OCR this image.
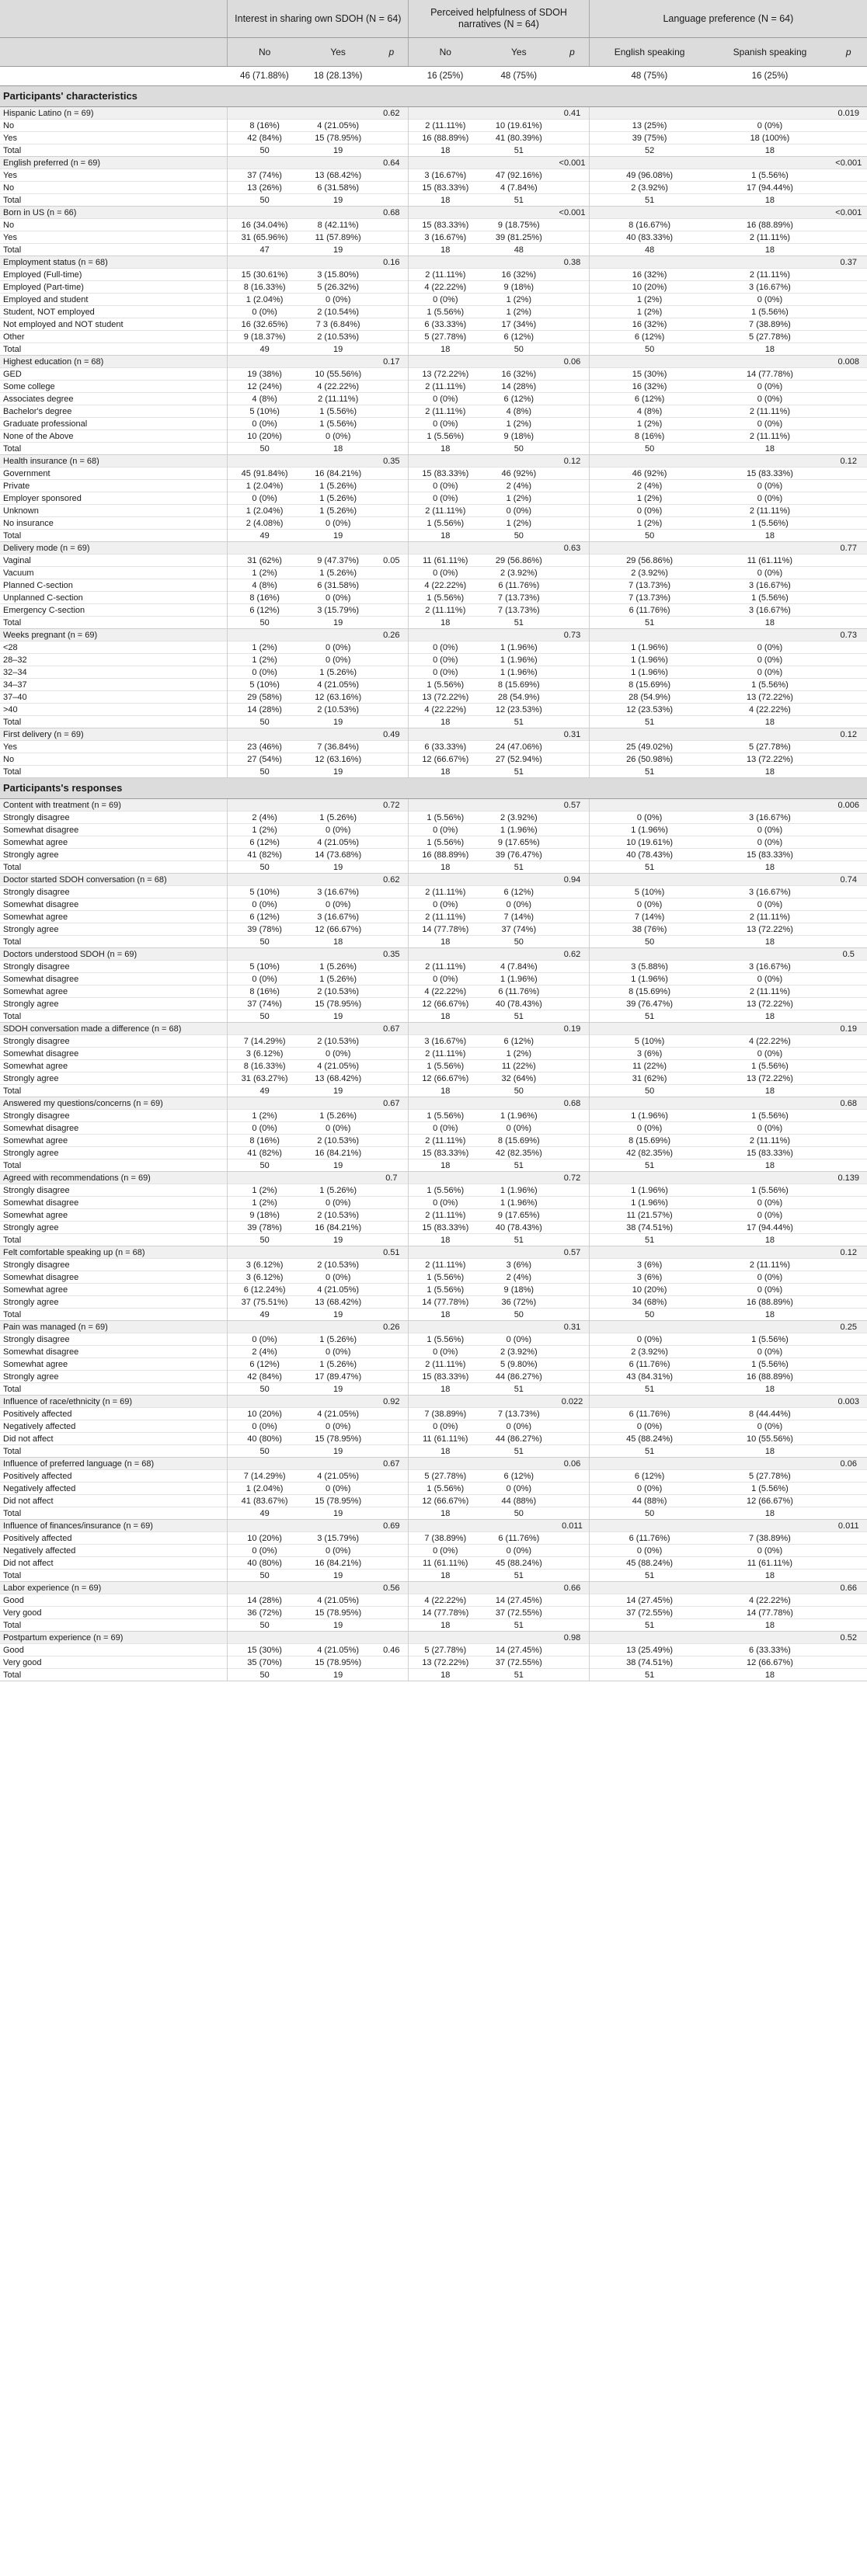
	Interest in sharing own SDOH (N = 64)			Perceived helpfulness of SDOH narratives (N = 64)			Language preference (N = 64)		
	No	Yes	p	No	Yes	p	English speaking	Spanish speaking	p
	46 (71.88%)	18 (28.13%)		16 (25%)	48 (75%)		48 (75%)	16 (25%)	
Participants' characteristics									
Hispanic Latino (n = 69)			0.62			0.41			0.019
No	8 (16%)	4 (21.05%)		2 (11.11%)	10 (19.61%)		13 (25%)	0 (0%)	
Yes	42 (84%)	15 (78.95%)		16 (88.89%)	41 (80.39%)		39 (75%)	18 (100%)	
Total	50	19		18	51		52	18	
English preferred (n = 69)			0.64			<0.001			<0.001
Yes	37 (74%)	13 (68.42%)		3 (16.67%)	47 (92.16%)		49 (96.08%)	1 (5.56%)	
No	13 (26%)	6 (31.58%)		15 (83.33%)	4 (7.84%)		2 (3.92%)	17 (94.44%)	
Total	50	19		18	51		51	18	
Born in US (n = 66)			0.68			<0.001			<0.001
No	16 (34.04%)	8 (42.11%)		15 (83.33%)	9 (18.75%)		8 (16.67%)	16 (88.89%)	
Yes	31 (65.96%)	11 (57.89%)		3 (16.67%)	39 (81.25%)		40 (83.33%)	2 (11.11%)	
Total	47	19		18	48		48	18	
Employment status (n = 68)			0.16			0.38			0.37
Employed (Full-time)	15 (30.61%)	3 (15.80%)		2 (11.11%)	16 (32%)		16 (32%)	2 (11.11%)	
Employed (Part-time)	8 (16.33%)	5 (26.32%)		4 (22.22%)	9 (18%)		10 (20%)	3 (16.67%)	
Employed and student	1 (2.04%)	0 (0%)		0 (0%)	1 (2%)		1 (2%)	0 (0%)	
Student, NOT employed	0 (0%)	2 (10.54%)		1 (5.56%)	1 (2%)		1 (2%)	1 (5.56%)	
Not employed and NOT student	16 (32.65%)	7 3 (6.84%)		6 (33.33%)	17 (34%)		16 (32%)	7 (38.89%)	
Other	9 (18.37%)	2 (10.53%)		5 (27.78%)	6 (12%)		6 (12%)	5 (27.78%)	
Total	49	19		18	50		50	18	
Highest education (n = 68)			0.17			0.06			0.008
GED	19 (38%)	10 (55.56%)		13 (72.22%)	16 (32%)		15 (30%)	14 (77.78%)	
Some college	12 (24%)	4 (22.22%)		2 (11.11%)	14 (28%)		16 (32%)	0 (0%)	
Associates degree	4 (8%)	2 (11.11%)		0 (0%)	6 (12%)		6 (12%)	0 (0%)	
Bachelor's degree	5 (10%)	1 (5.56%)		2 (11.11%)	4 (8%)		4 (8%)	2 (11.11%)	
Graduate professional	0 (0%)	1 (5.56%)		0 (0%)	1 (2%)		1 (2%)	0 (0%)	
None of the Above	10 (20%)	0 (0%)		1 (5.56%)	9 (18%)		8 (16%)	2 (11.11%)	
Total	50	18		18	50		50	18	
Health insurance (n = 68)			0.35			0.12			0.12
Government	45 (91.84%)	16 (84.21%)		15 (83.33%)	46 (92%)		46 (92%)	15 (83.33%)	
Private	1 (2.04%)	1 (5.26%)		0 (0%)	2 (4%)		2 (4%)	0 (0%)	
Employer sponsored	0 (0%)	1 (5.26%)		0 (0%)	1 (2%)		1 (2%)	0 (0%)	
Unknown	1 (2.04%)	1 (5.26%)		2 (11.11%)	0 (0%)		0 (0%)	2 (11.11%)	
No insurance	2 (4.08%)	0 (0%)		1 (5.56%)	1 (2%)		1 (2%)	1 (5.56%)	
Total	49	19		18	50		50	18	
Delivery mode (n = 69)						0.63			0.77
Vaginal	31 (62%)	9 (47.37%)	0.05	11 (61.11%)	29 (56.86%)		29 (56.86%)	11 (61.11%)	
Vacuum	1 (2%)	1 (5.26%)		0 (0%)	2 (3.92%)		2 (3.92%)	0 (0%)	
Planned C-section	4 (8%)	6 (31.58%)		4 (22.22%)	6 (11.76%)		7 (13.73%)	3 (16.67%)	
Unplanned C-section	8 (16%)	0 (0%)		1 (5.56%)	7 (13.73%)		7 (13.73%)	1 (5.56%)	
Emergency C-section	6 (12%)	3 (15.79%)		2 (11.11%)	7 (13.73%)		6 (11.76%)	3 (16.67%)	
Total	50	19		18	51		51	18	
Weeks pregnant (n = 69)			0.26			0.73			0.73
<28	1 (2%)	0 (0%)		0 (0%)	1 (1.96%)		1 (1.96%)	0 (0%)	
28–32	1 (2%)	0 (0%)		0 (0%)	1 (1.96%)		1 (1.96%)	0 (0%)	
32–34	0 (0%)	1 (5.26%)		0 (0%)	1 (1.96%)		1 (1.96%)	0 (0%)	
34–37	5 (10%)	4 (21.05%)		1 (5.56%)	8 (15.69%)		8 (15.69%)	1 (5.56%)	
37–40	29 (58%)	12 (63.16%)		13 (72.22%)	28 (54.9%)		28 (54.9%)	13 (72.22%)	
>40	14 (28%)	2 (10.53%)		4 (22.22%)	12 (23.53%)		12 (23.53%)	4 (22.22%)	
Total	50	19		18	51		51	18	
First delivery (n = 69)			0.49			0.31			0.12
Yes	23 (46%)	7 (36.84%)		6 (33.33%)	24 (47.06%)		25 (49.02%)	5 (27.78%)	
No	27 (54%)	12 (63.16%)		12 (66.67%)	27 (52.94%)		26 (50.98%)	13 (72.22%)	
Total	50	19		18	51		51	18	
Participants's responses									
Content with treatment (n = 69)			0.72			0.57			0.006
Strongly disagree	2 (4%)	1 (5.26%)		1 (5.56%)	2 (3.92%)		0 (0%)	3 (16.67%)	
Somewhat disagree	1 (2%)	0 (0%)		0 (0%)	1 (1.96%)		1 (1.96%)	0 (0%)	
Somewhat agree	6 (12%)	4 (21.05%)		1 (5.56%)	9 (17.65%)		10 (19.61%)	0 (0%)	
Strongly agree	41 (82%)	14 (73.68%)		16 (88.89%)	39 (76.47%)		40 (78.43%)	15 (83.33%)	
Total	50	19		18	51		51	18	
Doctor started SDOH conversation (n = 68)			0.62			0.94			0.74
Strongly disagree	5 (10%)	3 (16.67%)		2 (11.11%)	6 (12%)		5 (10%)	3 (16.67%)	
Somewhat disagree	0 (0%)	0 (0%)		0 (0%)	0 (0%)		0 (0%)	0 (0%)	
Somewhat agree	6 (12%)	3 (16.67%)		2 (11.11%)	7 (14%)		7 (14%)	2 (11.11%)	
Strongly agree	39 (78%)	12 (66.67%)		14 (77.78%)	37 (74%)		38 (76%)	13 (72.22%)	
Total	50	18		18	50		50	18	
Doctors understood SDOH (n = 69)			0.35			0.62			0.5
Strongly disagree	5 (10%)	1 (5.26%)		2 (11.11%)	4 (7.84%)		3 (5.88%)	3 (16.67%)	
Somewhat disagree	0 (0%)	1 (5.26%)		0 (0%)	1 (1.96%)		1 (1.96%)	0 (0%)	
Somewhat agree	8 (16%)	2 (10.53%)		4 (22.22%)	6 (11.76%)		8 (15.69%)	2 (11.11%)	
Strongly agree	37 (74%)	15 (78.95%)		12 (66.67%)	40 (78.43%)		39 (76.47%)	13 (72.22%)	
Total	50	19		18	51		51	18	
SDOH conversation made a difference (n = 68)			0.67			0.19			0.19
Strongly disagree	7 (14.29%)	2 (10.53%)		3 (16.67%)	6 (12%)		5 (10%)	4 (22.22%)	
Somewhat disagree	3 (6.12%)	0 (0%)		2 (11.11%)	1 (2%)		3 (6%)	0 (0%)	
Somewhat agree	8 (16.33%)	4 (21.05%)		1 (5.56%)	11 (22%)		11 (22%)	1 (5.56%)	
Strongly agree	31 (63.27%)	13 (68.42%)		12 (66.67%)	32 (64%)		31 (62%)	13 (72.22%)	
Total	49	19		18	50		50	18	
Answered my questions/concerns (n = 69)			0.67			0.68			0.68
Strongly disagree	1 (2%)	1 (5.26%)		1 (5.56%)	1 (1.96%)		1 (1.96%)	1 (5.56%)	
Somewhat disagree	0 (0%)	0 (0%)		0 (0%)	0 (0%)		0 (0%)	0 (0%)	
Somewhat agree	8 (16%)	2 (10.53%)		2 (11.11%)	8 (15.69%)		8 (15.69%)	2 (11.11%)	
Strongly agree	41 (82%)	16 (84.21%)		15 (83.33%)	42 (82.35%)		42 (82.35%)	15 (83.33%)	
Total	50	19		18	51		51	18	
Agreed with recommendations (n = 69)			0.7			0.72			0.139
Strongly disagree	1 (2%)	1 (5.26%)		1 (5.56%)	1 (1.96%)		1 (1.96%)	1 (5.56%)	
Somewhat disagree	1 (2%)	0 (0%)		0 (0%)	1 (1.96%)		1 (1.96%)	0 (0%)	
Somewhat agree	9 (18%)	2 (10.53%)		2 (11.11%)	9 (17.65%)		11 (21.57%)	0 (0%)	
Strongly agree	39 (78%)	16 (84.21%)		15 (83.33%)	40 (78.43%)		38 (74.51%)	17 (94.44%)	
Total	50	19		18	51		51	18	
Felt comfortable speaking up (n = 68)			0.51			0.57			0.12
Strongly disagree	3 (6.12%)	2 (10.53%)		2 (11.11%)	3 (6%)		3 (6%)	2 (11.11%)	
Somewhat disagree	3 (6.12%)	0 (0%)		1 (5.56%)	2 (4%)		3 (6%)	0 (0%)	
Somewhat agree	6 (12.24%)	4 (21.05%)		1 (5.56%)	9 (18%)		10 (20%)	0 (0%)	
Strongly agree	37 (75.51%)	13 (68.42%)		14 (77.78%)	36 (72%)		34 (68%)	16 (88.89%)	
Total	49	19		18	50		50	18	
Pain was managed (n = 69)			0.26			0.31			0.25
Strongly disagree	0 (0%)	1 (5.26%)		1 (5.56%)	0 (0%)		0 (0%)	1 (5.56%)	
Somewhat disagree	2 (4%)	0 (0%)		0 (0%)	2 (3.92%)		2 (3.92%)	0 (0%)	
Somewhat agree	6 (12%)	1 (5.26%)		2 (11.11%)	5 (9.80%)		6 (11.76%)	1 (5.56%)	
Strongly agree	42 (84%)	17 (89.47%)		15 (83.33%)	44 (86.27%)		43 (84.31%)	16 (88.89%)	
Total	50	19		18	51		51	18	
Influence of race/ethnicity (n = 69)			0.92			0.022			0.003
Positively affected	10 (20%)	4 (21.05%)		7 (38.89%)	7 (13.73%)		6 (11.76%)	8 (44.44%)	
Negatively affected	0 (0%)	0 (0%)		0 (0%)	0 (0%)		0 (0%)	0 (0%)	
Did not affect	40 (80%)	15 (78.95%)		11 (61.11%)	44 (86.27%)		45 (88.24%)	10 (55.56%)	
Total	50	19		18	51		51	18	
Influence of preferred language (n = 68)			0.67			0.06			0.06
Positively affected	7 (14.29%)	4 (21.05%)		5 (27.78%)	6 (12%)		6 (12%)	5 (27.78%)	
Negatively affected	1 (2.04%)	0 (0%)		1 (5.56%)	0 (0%)		0 (0%)	1 (5.56%)	
Did not affect	41 (83.67%)	15 (78.95%)		12 (66.67%)	44 (88%)		44 (88%)	12 (66.67%)	
Total	49	19		18	50		50	18	
Influence of finances/insurance (n = 69)			0.69			0.011			0.011
Positively affected	10 (20%)	3 (15.79%)		7 (38.89%)	6 (11.76%)		6 (11.76%)	7 (38.89%)	
Negatively affected	0 (0%)	0 (0%)		0 (0%)	0 (0%)		0 (0%)	0 (0%)	
Did not affect	40 (80%)	16 (84.21%)		11 (61.11%)	45 (88.24%)		45 (88.24%)	11 (61.11%)	
Total	50	19		18	51		51	18	
Labor experience (n = 69)			0.56			0.66			0.66
Good	14 (28%)	4 (21.05%)		4 (22.22%)	14 (27.45%)		14 (27.45%)	4 (22.22%)	
Very good	36 (72%)	15 (78.95%)		14 (77.78%)	37 (72.55%)		37 (72.55%)	14 (77.78%)	
Total	50	19		18	51		51	18	
Postpartum experience (n = 69)						0.98			0.52
Good	15 (30%)	4 (21.05%)	0.46	5 (27.78%)	14 (27.45%)		13 (25.49%)	6 (33.33%)	
Very good	35 (70%)	15 (78.95%)		13 (72.22%)	37 (72.55%)		38 (74.51%)	12 (66.67%)	
Total	50	19		18	51		51	18	
